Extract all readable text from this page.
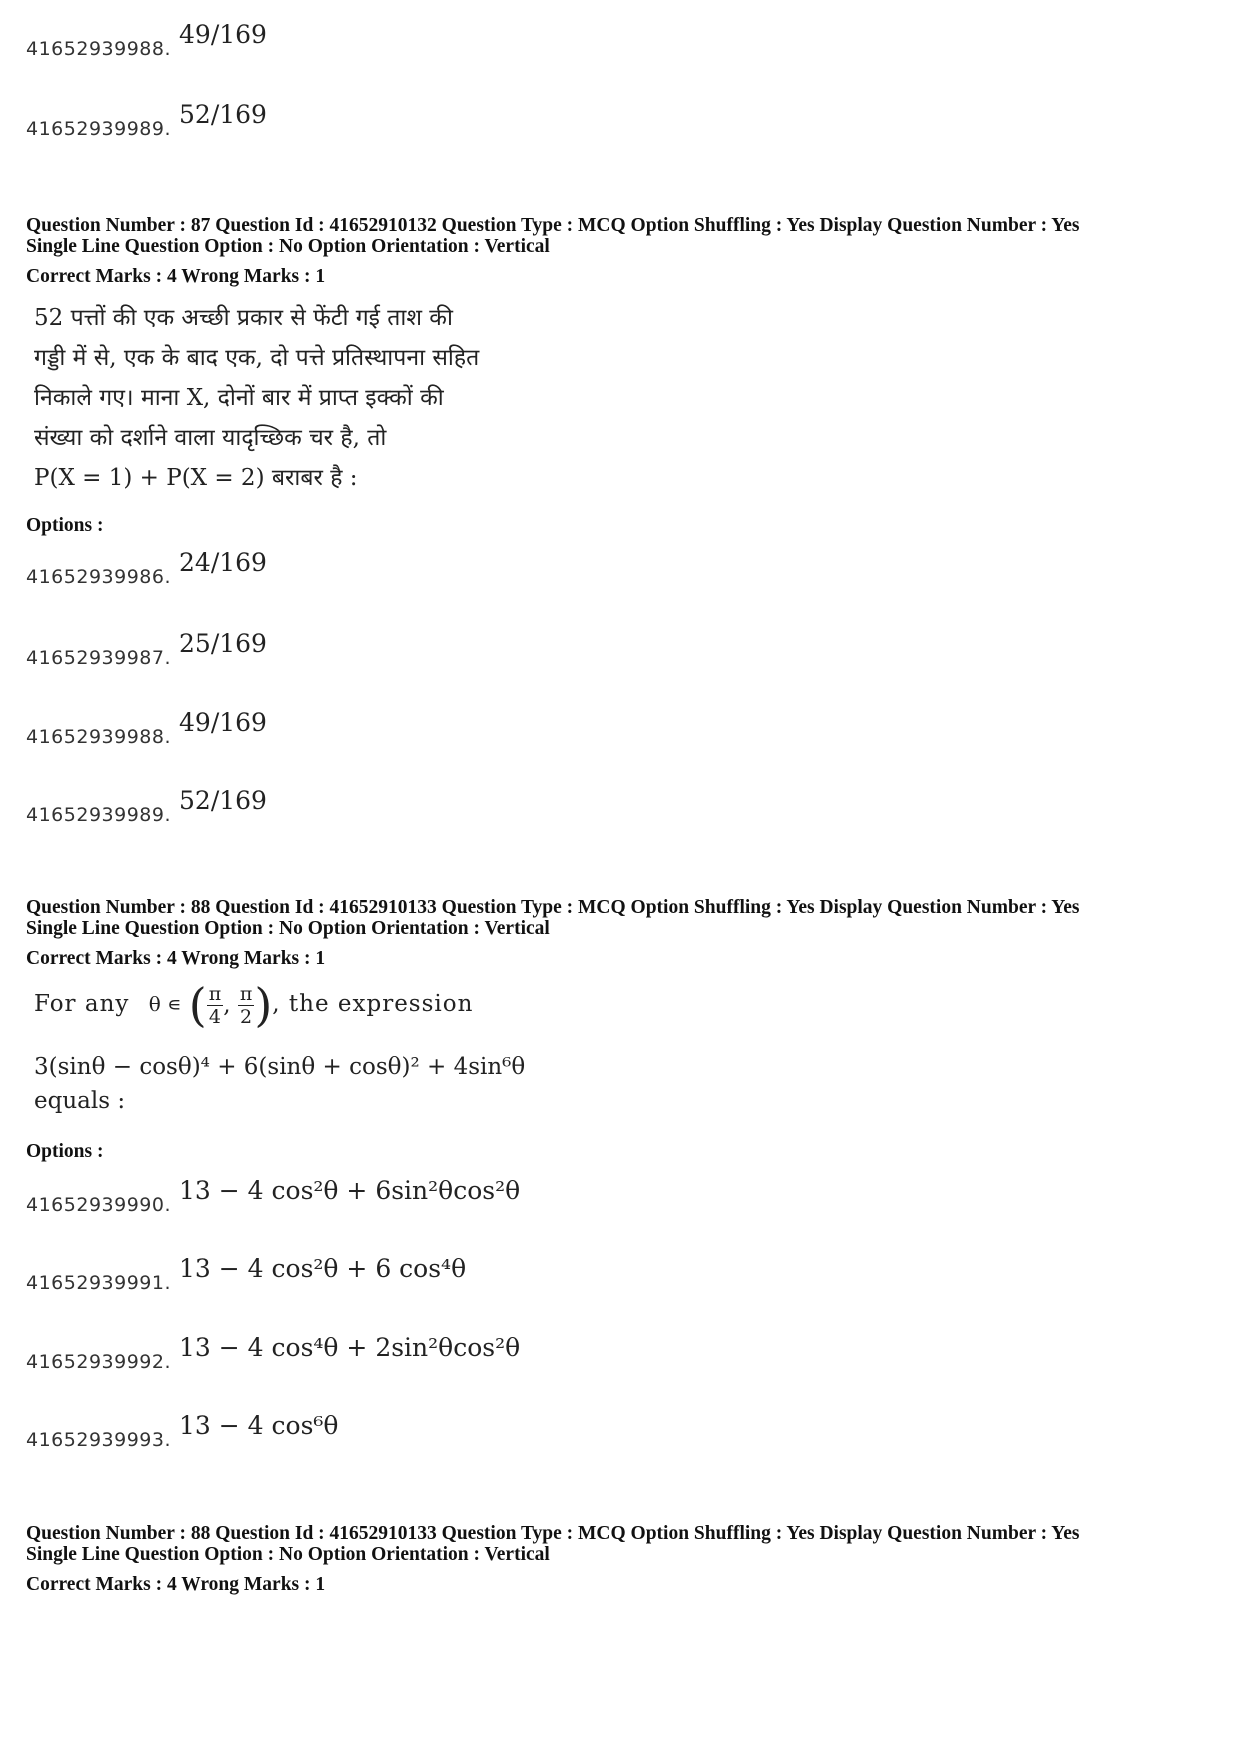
41652939988. 49/169
41652939989. 52/169
Question Number : 87 Question Id : 41652910132 Question Type : MCQ Option Shuffling : Yes Display Question Number : Yes
Single Line Question Option : No Option Orientation : Vertical
Correct Marks : 4 Wrong Marks : 1
52 पत्तों की एक अच्छी प्रकार से फेंटी गई ताश की
गड्डी में से, एक के बाद एक, दो पत्ते प्रतिस्थापना सहित
निकाले गए। माना X, दोनों बार में प्राप्त इक्कों की
संख्या को दर्शाने वाला यादृच्छिक चर है, तो
P(X = 1) + P(X = 2) बराबर है :
Options :
41652939986. 24/169
41652939987. 25/169
41652939988. 49/169
41652939989. 52/169
Question Number : 88 Question Id : 41652910133 Question Type : MCQ Option Shuffling : Yes Display Question Number : Yes
Single Line Question Option : No Option Orientation : Vertical
Correct Marks : 4 Wrong Marks : 1
For any θ ∊ ( $\frac{\pi}{4}$ , $\frac{\pi}{2}$ ), the expression
3(sinθ − cosθ)⁴ + 6(sinθ + cosθ)² + 4sin⁶θ
equals :
Options :
41652939990. 13 − 4 cos²θ + 6sin²θcos²θ
41652939991. 13 − 4 cos²θ + 6 cos⁴θ
41652939992. 13 − 4 cos⁴θ + 2sin²θcos²θ
41652939993. 13 − 4 cos⁶θ
Question Number : 88 Question Id : 41652910133 Question Type : MCQ Option Shuffling : Yes Display Question Number : Yes
Single Line Question Option : No Option Orientation : Vertical
Correct Marks : 4 Wrong Marks : 1
